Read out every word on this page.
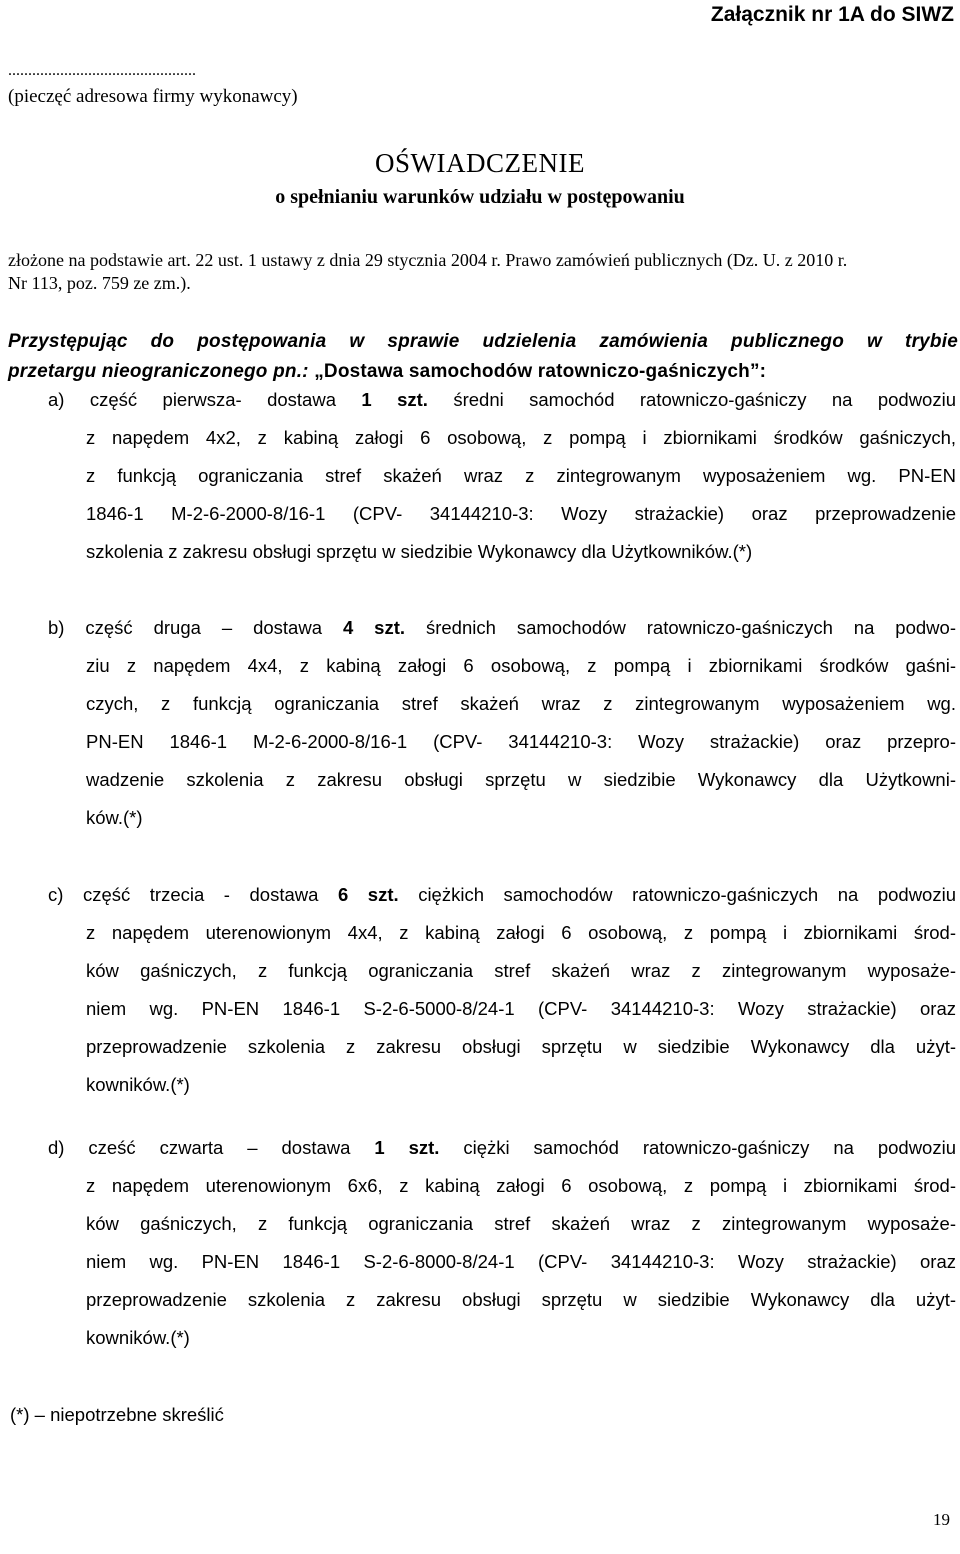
Załącznik nr 1A do SIWZ
...............................................
(pieczęć adresowa firmy wykonawcy)
OŚWIADCZENIE
o spełnianiu warunków udziału w postępowaniu
złożone na podstawie art. 22 ust. 1 ustawy z dnia 29 stycznia 2004 r. Prawo zamówień publicznych (Dz. U. z 2010 r.
Nr 113, poz. 759 ze zm.).
Przystępując do postępowania w sprawie udzielenia zamówienia publicznego w trybie
przetargu nieograniczonego pn.: „Dostawa samochodów ratowniczo-gaśniczych”:
a) część pierwsza- dostawa 1 szt. średni samochód ratowniczo-gaśniczy na podwoziu
z napędem 4x2, z kabiną załogi 6 osobową, z pompą i zbiornikami środków gaśniczych,
z funkcją ograniczania stref skażeń wraz z zintegrowanym wyposażeniem wg. PN-EN
1846-1 M-2-6-2000-8/16-1 (CPV- 34144210-3: Wozy strażackie) oraz przeprowadzenie
szkolenia z zakresu obsługi sprzętu w siedzibie Wykonawcy dla Użytkowników.(*)
b) część druga – dostawa 4 szt. średnich samochodów ratowniczo-gaśniczych na podwo-
ziu z napędem 4x4, z kabiną załogi 6 osobową, z pompą i zbiornikami środków gaśni-
czych, z funkcją ograniczania stref skażeń wraz z zintegrowanym wyposażeniem wg.
PN-EN 1846-1 M-2-6-2000-8/16-1 (CPV- 34144210-3: Wozy strażackie) oraz przepro-
wadzenie szkolenia z zakresu obsługi sprzętu w siedzibie Wykonawcy dla Użytkowni-
ków.(*)
c) część trzecia - dostawa 6 szt. ciężkich samochodów ratowniczo-gaśniczych na podwoziu
z napędem uterenowionym 4x4, z kabiną załogi 6 osobową, z pompą i zbiornikami środ-
ków gaśniczych, z funkcją ograniczania stref skażeń wraz z zintegrowanym wyposaże-
niem wg. PN-EN 1846-1 S-2-6-5000-8/24-1 (CPV- 34144210-3: Wozy strażackie) oraz
przeprowadzenie szkolenia z zakresu obsługi sprzętu w siedzibie Wykonawcy dla użyt-
kowników.(*)
d) cześć czwarta – dostawa 1 szt. ciężki samochód ratowniczo-gaśniczy na podwoziu
z napędem uterenowionym 6x6, z kabiną załogi 6 osobową, z pompą i zbiornikami środ-
ków gaśniczych, z funkcją ograniczania stref skażeń wraz z zintegrowanym wyposaże-
niem wg. PN-EN 1846-1 S-2-6-8000-8/24-1 (CPV- 34144210-3: Wozy strażackie) oraz
przeprowadzenie szkolenia z zakresu obsługi sprzętu w siedzibie Wykonawcy dla użyt-
kowników.(*)
(*) – niepotrzebne skreślić
19
